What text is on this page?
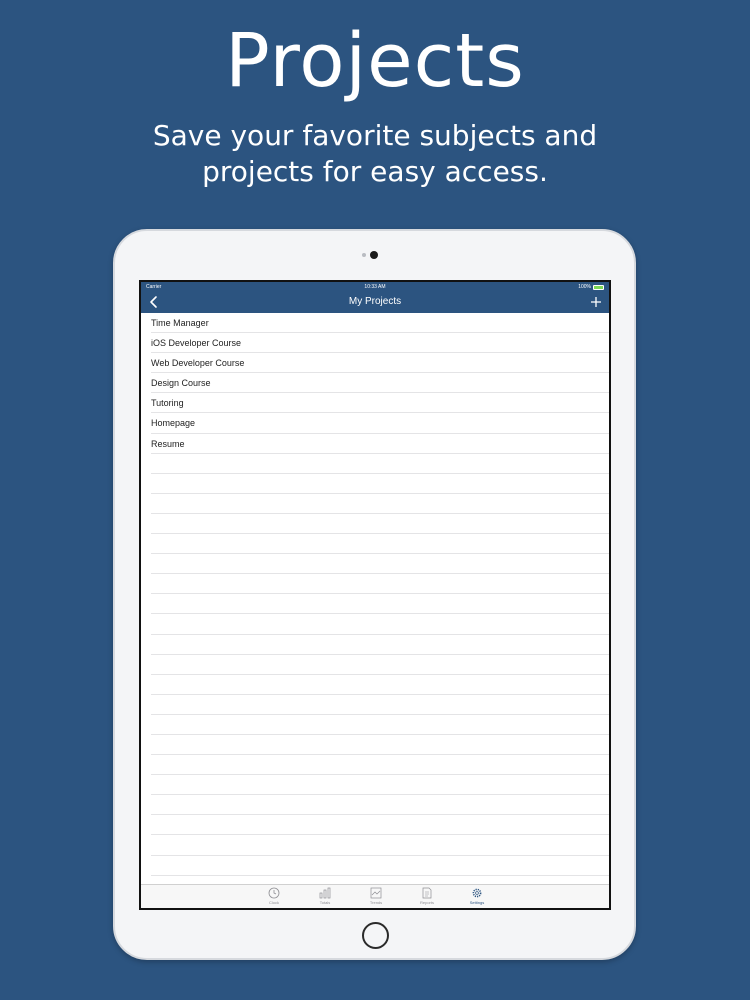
Projects
Save your favorite subjects and
projects for easy access.
Carrier	10:33 AM	100%
My Projects
Time Manager
iOS Developer Course
Web Developer Course
Design Course
Tutoring
Homepage
Resume
Clock	Totals	Trends	Reports	Settings
